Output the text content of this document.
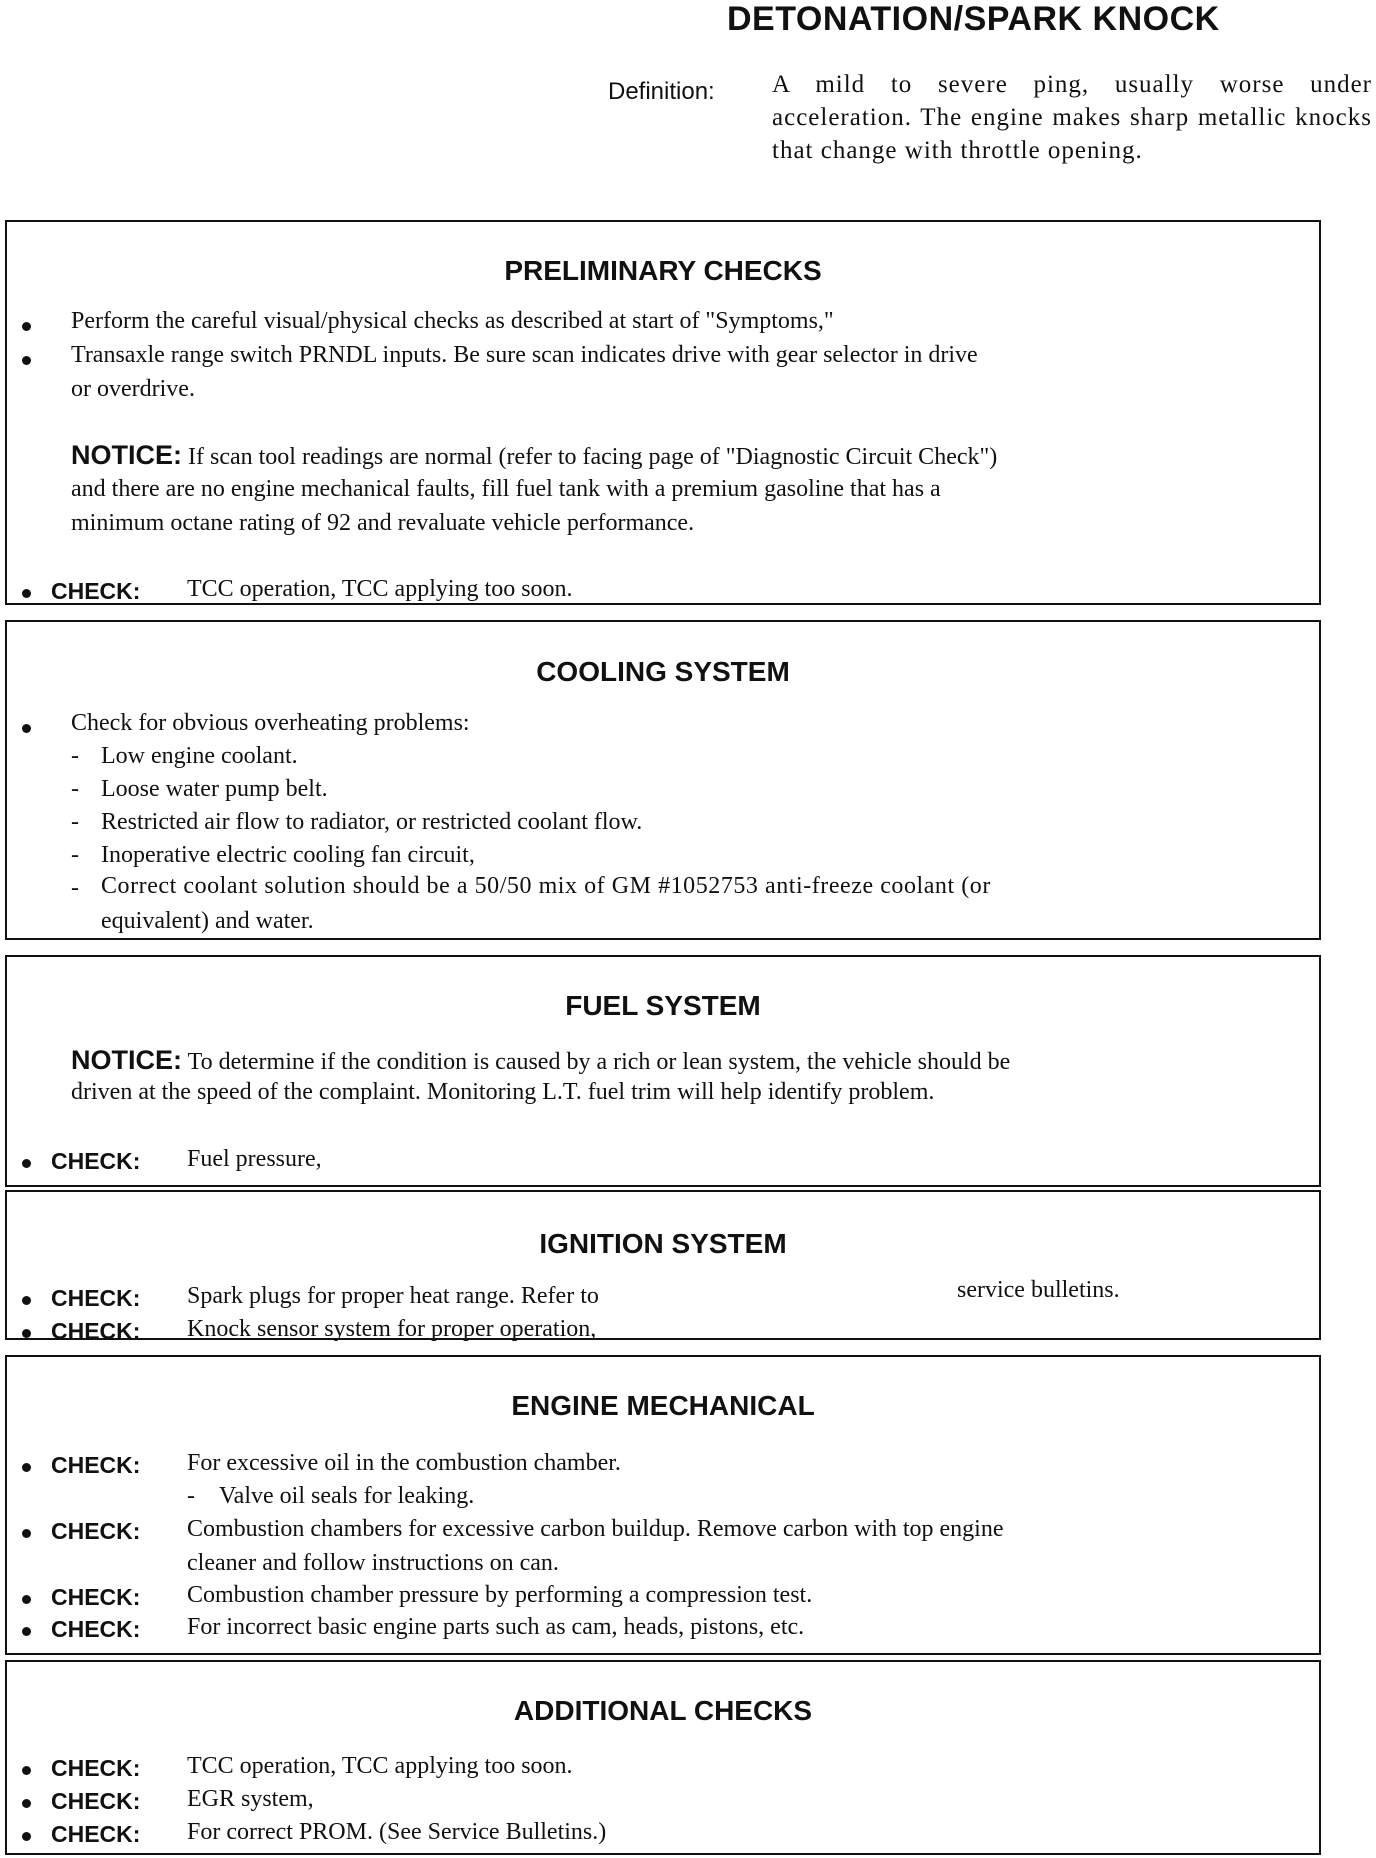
DETONATION/SPARK KNOCK
Definition: A mild to severe ping, usually worse under acceleration. The engine makes sharp metallic knocks that change with throttle opening.
PRELIMINARY CHECKS
Perform the careful visual/physical checks as described at start of "Symptoms,"
Transaxle range switch PRNDL inputs. Be sure scan indicates drive with gear selector in drive
or overdrive.
NOTICE: If scan tool readings are normal (refer to facing page of "Diagnostic Circuit Check")
and there are no engine mechanical faults, fill fuel tank with a premium gasoline that has a
minimum octane rating of 92 and revaluate vehicle performance.
CHECK: TCC operation, TCC applying too soon.
COOLING SYSTEM
Check for obvious overheating problems:
- Low engine coolant.
- Loose water pump belt.
- Restricted air flow to radiator, or restricted coolant flow.
- Inoperative electric cooling fan circuit,
- Correct coolant solution should be a 50/50 mix of GM #1052753 anti-freeze coolant (or
equivalent) and water.
FUEL SYSTEM
NOTICE: To determine if the condition is caused by a rich or lean system, the vehicle should be
driven at the speed of the complaint. Monitoring L.T. fuel trim will help identify problem.
CHECK: Fuel pressure,
IGNITION SYSTEM
CHECK: Spark plugs for proper heat range. Refer to	service bulletins.
CHECK: Knock sensor system for proper operation,
ENGINE MECHANICAL
CHECK: For excessive oil in the combustion chamber.
- Valve oil seals for leaking.
CHECK: Combustion chambers for excessive carbon buildup. Remove carbon with top engine
cleaner and follow instructions on can.
CHECK: Combustion chamber pressure by performing a compression test.
CHECK: For incorrect basic engine parts such as cam, heads, pistons, etc.
ADDITIONAL CHECKS
CHECK: TCC operation, TCC applying too soon.
CHECK: EGR system,
CHECK: For correct PROM. (See Service Bulletins.)
